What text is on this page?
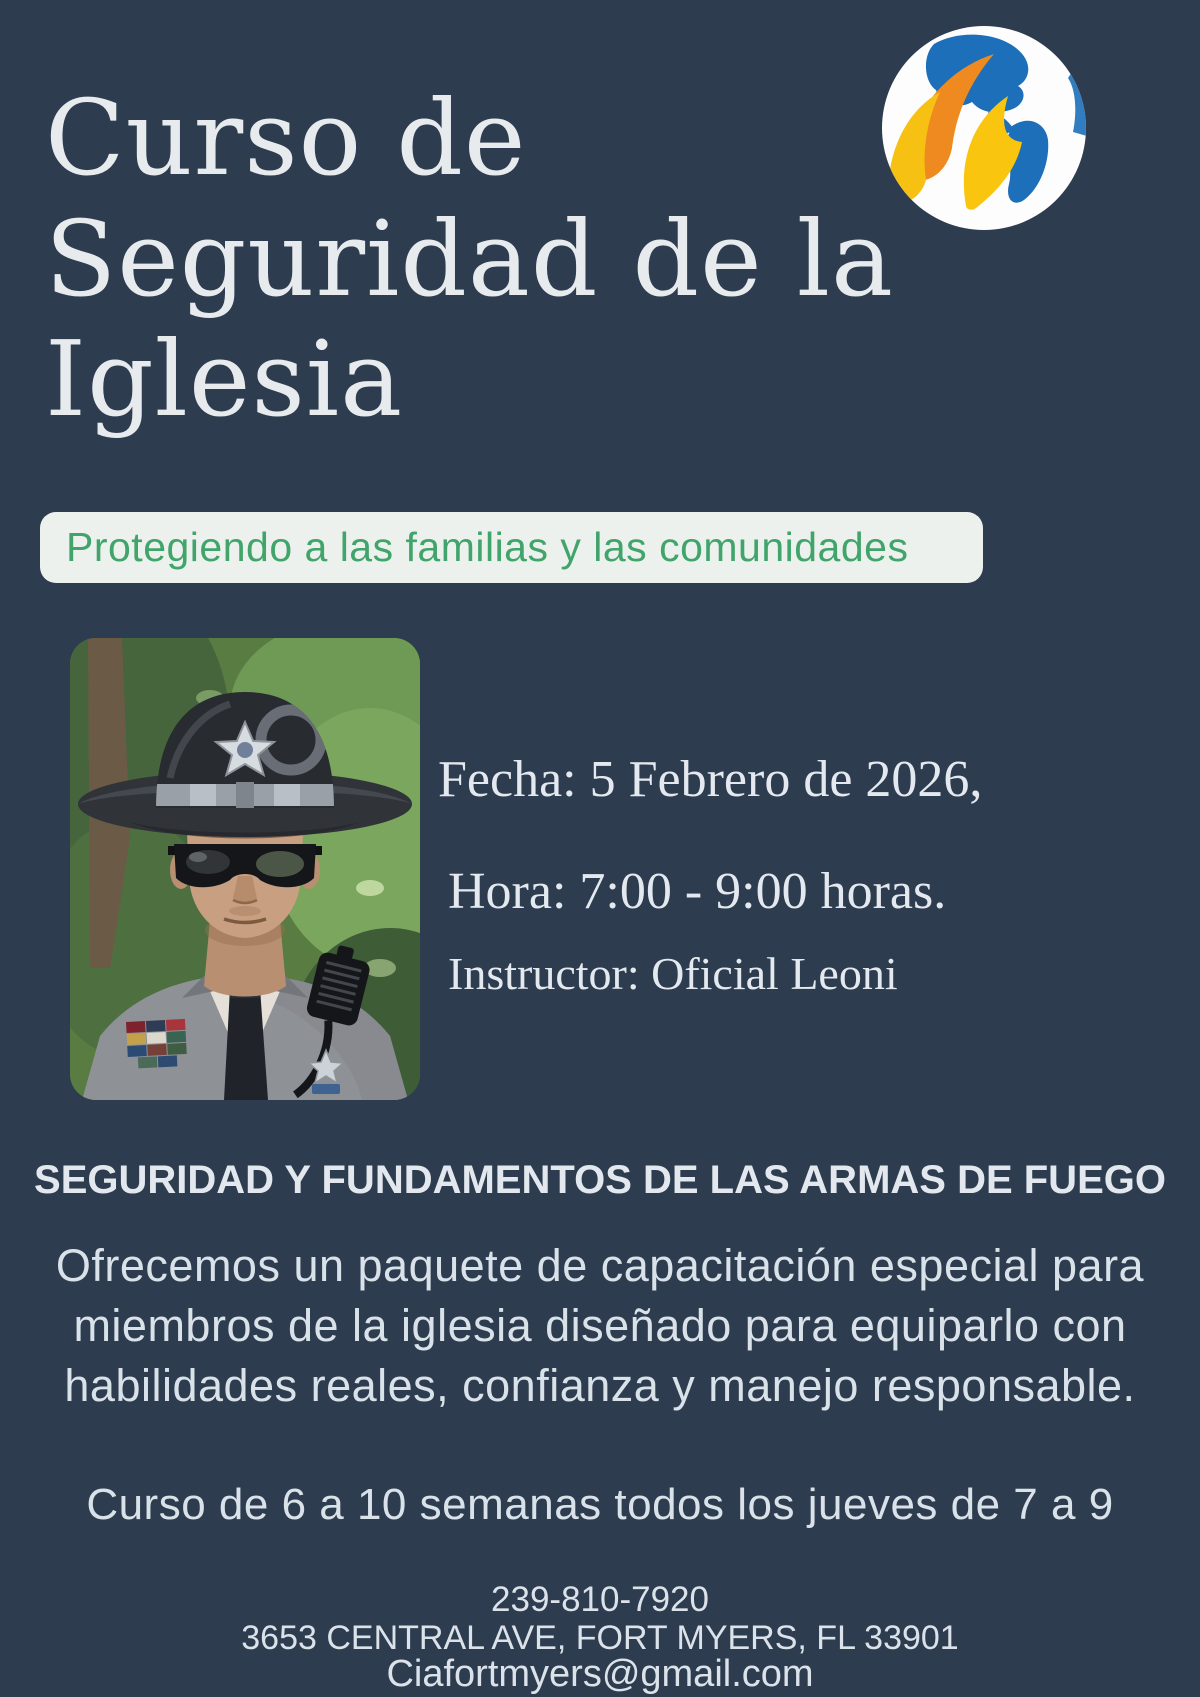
Curso de
Seguridad de la
Iglesia
Protegiendo a las familias y las comunidades

Fecha: 5 Febrero de 2026,

Hora: 7:00 - 9:00 horas.

Instructor: Oficial Leoni

SEGURIDAD Y FUNDAMENTOS DE LAS ARMAS DE FUEGO

Ofrecemos un paquete de capacitación especial para miembros de la iglesia diseñado para equiparlo con habilidades reales, confianza y manejo responsable.

Curso de 6 a 10 semanas todos los jueves de 7 a 9

239-810-7920

3653 CENTRAL AVE, FORT MYERS, FL 33901

Ciafortmyers@gmail.com
